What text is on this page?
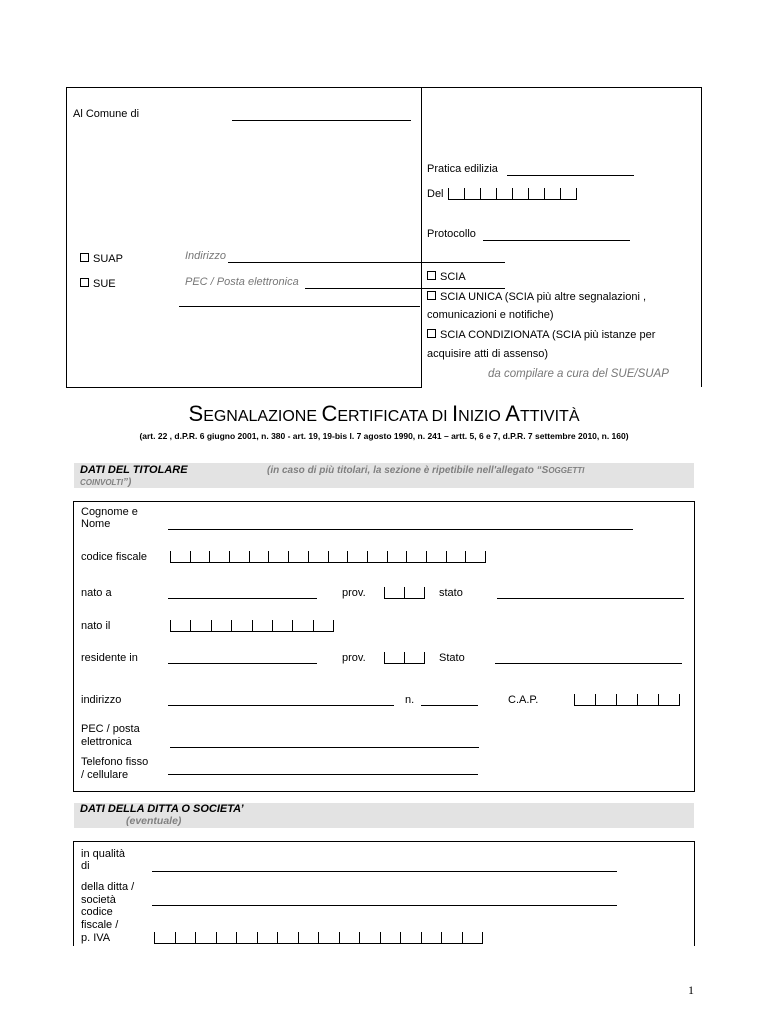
Al Comune di
SUAP
SUE
Indirizzo
PEC / Posta elettronica
Pratica edilizia
Del
Protocollo
SCIA
SCIA UNICA (SCIA più altre segnalazioni ,
comunicazioni e notifiche)
SCIA CONDIZIONATA (SCIA più istanze per
acquisire atti di assenso)
da compilare a cura del SUE/SUAP
SEGNALAZIONE CERTIFICATA DI INIZIO ATTIVITÀ
(art. 22 , d.P.R. 6 giugno 2001, n. 380 - art. 19, 19-bis l. 7 agosto 1990, n. 241 – artt. 5, 6 e 7, d.P.R. 7 settembre 2010, n. 160)
DATI DEL TITOLARE	(in caso di più titolari, la sezione è ripetibile nell'allegato “SOGGETTI
COINVOLTI”)
Cognome e
Nome
codice fiscale
nato a	prov.	stato
nato il
residente in	prov.	Stato
indirizzo	n.	C.A.P.
PEC / posta
elettronica
Telefono fisso
/ cellulare
DATI DELLA DITTA O SOCIETA’
(eventuale)
in qualità
di
della ditta /
società
codice
fiscale /
p. IVA
1
